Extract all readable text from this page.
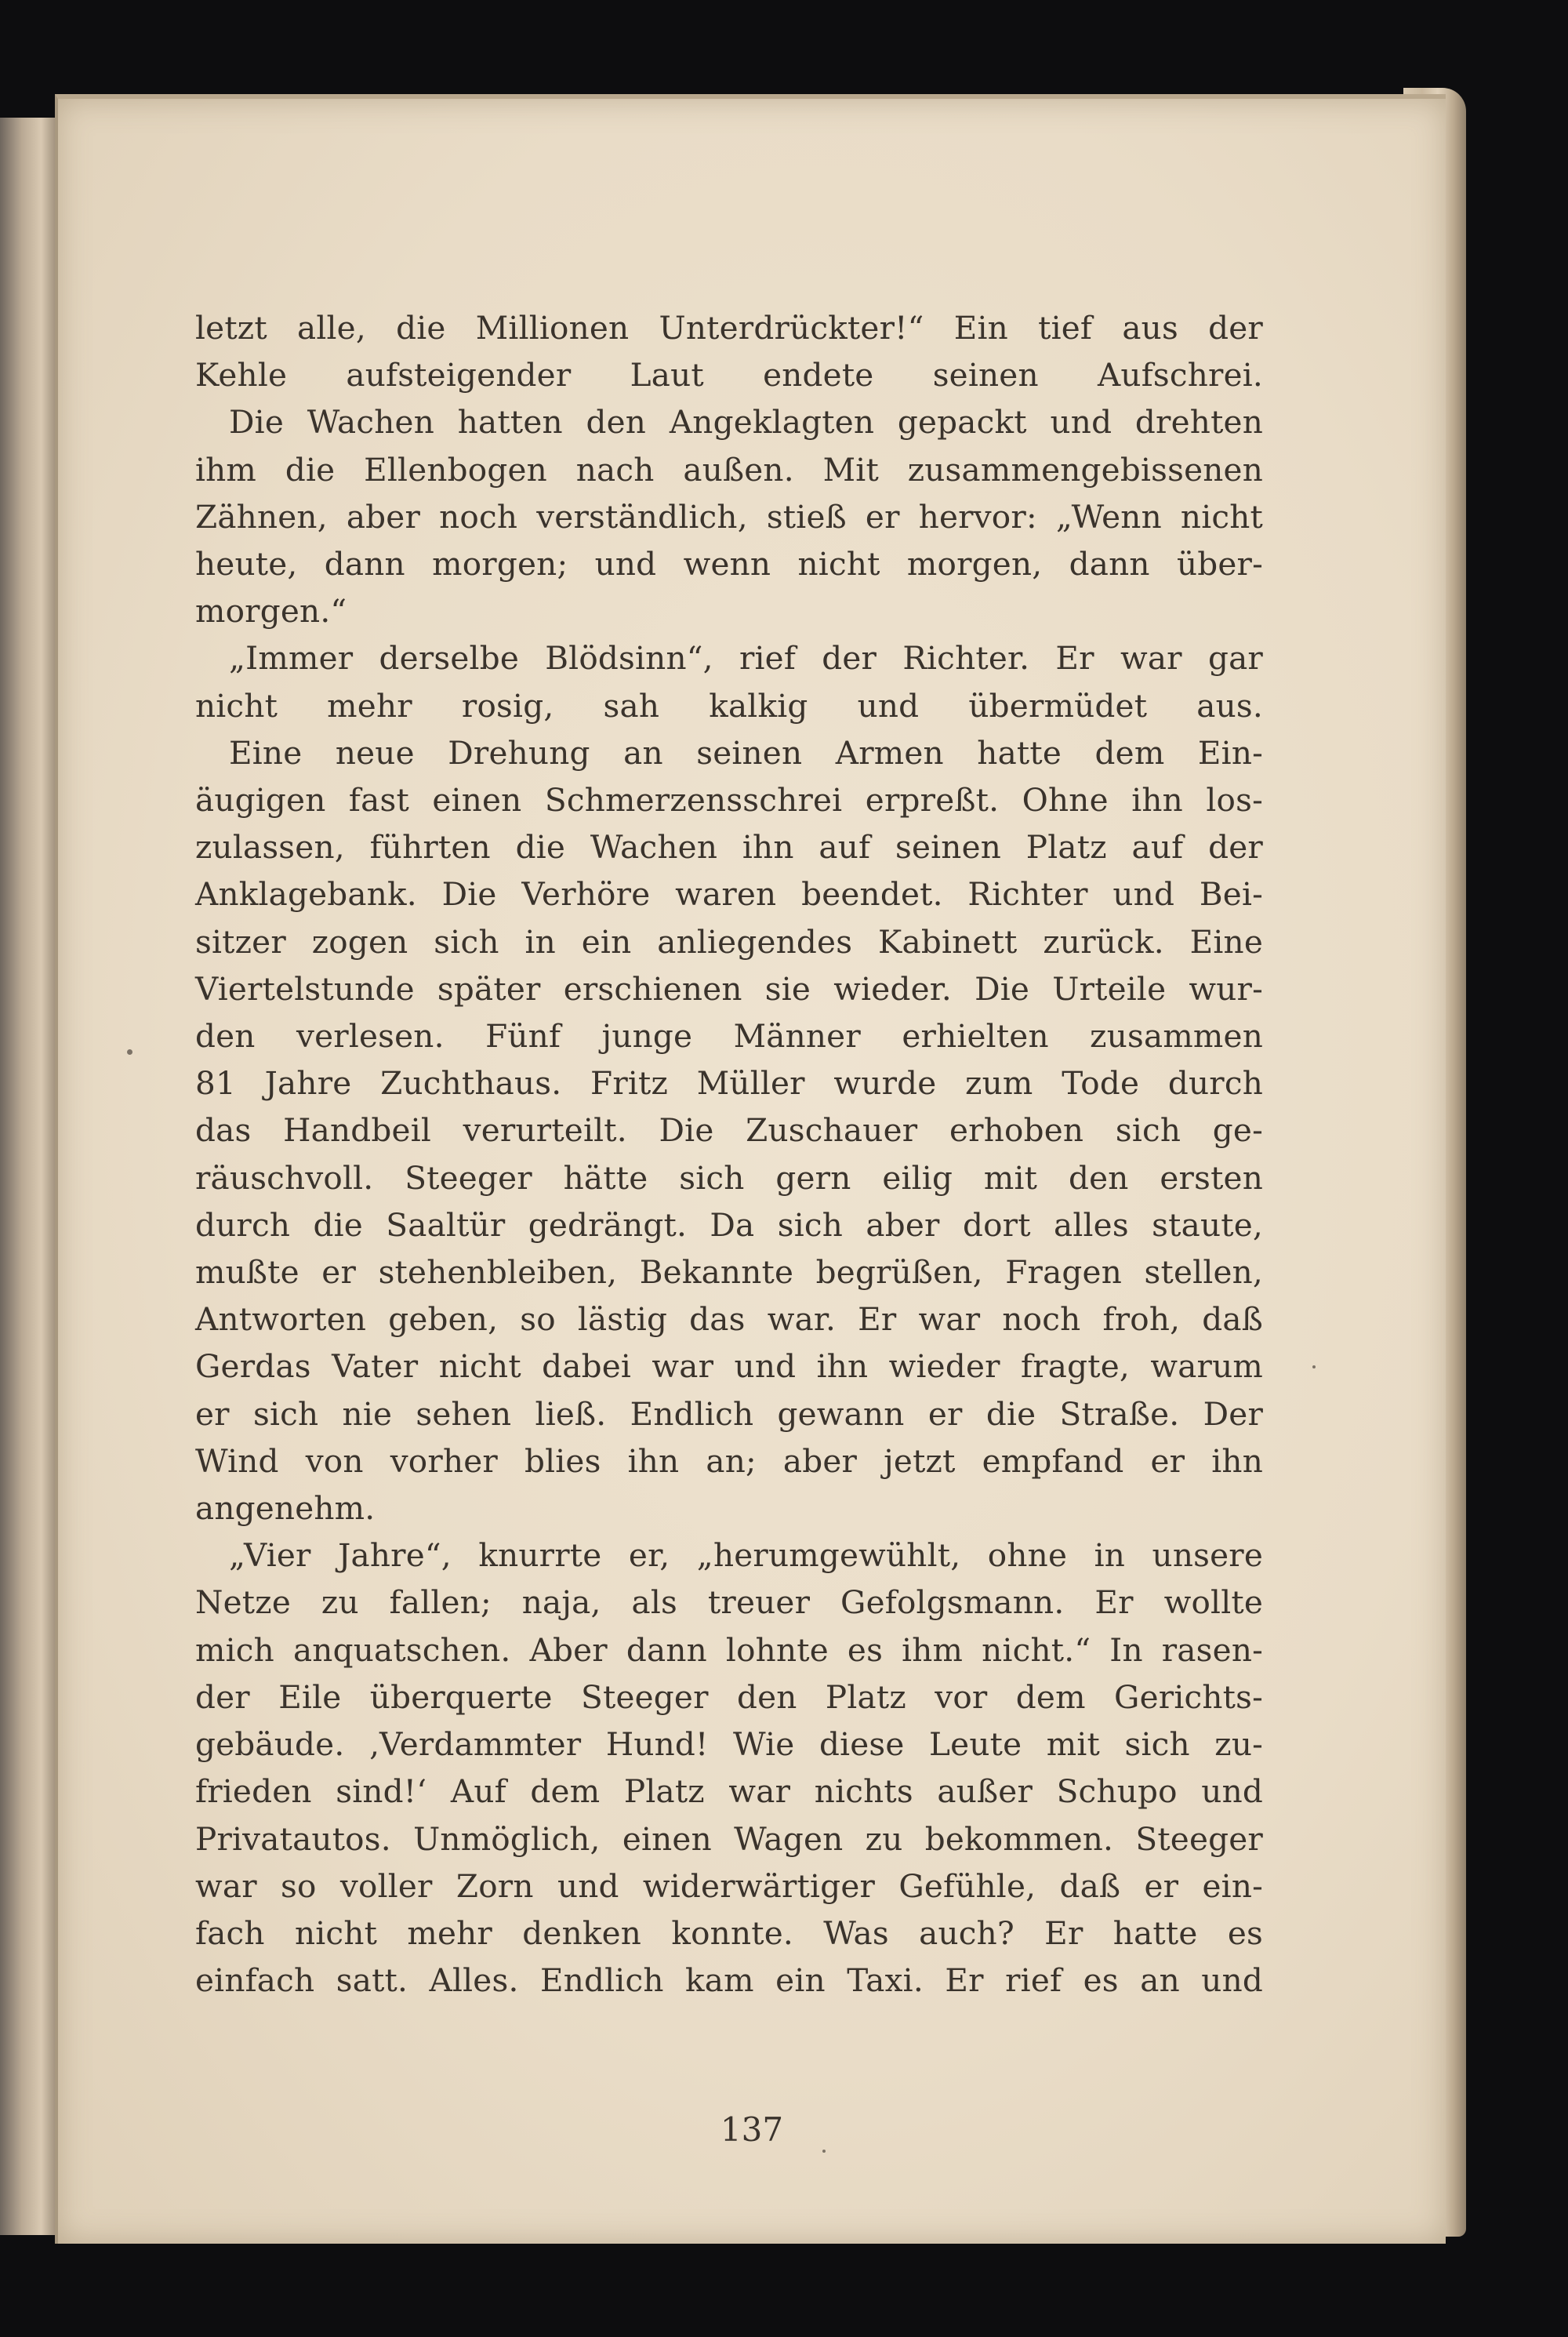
letzt alle, die Millionen Unterdrückter!“ Ein tief aus der
Kehle aufsteigender Laut endete seinen Aufschrei.
Die Wachen hatten den Angeklagten gepackt und drehten
ihm die Ellenbogen nach außen. Mit zusammengebissenen
Zähnen, aber noch verständlich, stieß er hervor: „Wenn nicht
heute, dann morgen; und wenn nicht morgen, dann über-
morgen.“
„Immer derselbe Blödsinn“, rief der Richter. Er war gar
nicht mehr rosig, sah kalkig und übermüdet aus.
Eine neue Drehung an seinen Armen hatte dem Ein-
äugigen fast einen Schmerzensschrei erpreßt. Ohne ihn los-
zulassen, führten die Wachen ihn auf seinen Platz auf der
Anklagebank. Die Verhöre waren beendet. Richter und Bei-
sitzer zogen sich in ein anliegendes Kabinett zurück. Eine
Viertelstunde später erschienen sie wieder. Die Urteile wur-
den verlesen. Fünf junge Männer erhielten zusammen
81 Jahre Zuchthaus. Fritz Müller wurde zum Tode durch
das Handbeil verurteilt. Die Zuschauer erhoben sich ge-
räuschvoll. Steeger hätte sich gern eilig mit den ersten
durch die Saaltür gedrängt. Da sich aber dort alles staute,
mußte er stehenbleiben, Bekannte begrüßen, Fragen stellen,
Antworten geben, so lästig das war. Er war noch froh, daß
Gerdas Vater nicht dabei war und ihn wieder fragte, warum
er sich nie sehen ließ. Endlich gewann er die Straße. Der
Wind von vorher blies ihn an; aber jetzt empfand er ihn
angenehm.
„Vier Jahre“, knurrte er, „herumgewühlt, ohne in unsere
Netze zu fallen; naja, als treuer Gefolgsmann. Er wollte
mich anquatschen. Aber dann lohnte es ihm nicht.“ In rasen-
der Eile überquerte Steeger den Platz vor dem Gerichts-
gebäude. ‚Verdammter Hund! Wie diese Leute mit sich zu-
frieden sind!‘ Auf dem Platz war nichts außer Schupo und
Privatautos. Unmöglich, einen Wagen zu bekommen. Steeger
war so voller Zorn und widerwärtiger Gefühle, daß er ein-
fach nicht mehr denken konnte. Was auch? Er hatte es
einfach satt. Alles. Endlich kam ein Taxi. Er rief es an und
137
